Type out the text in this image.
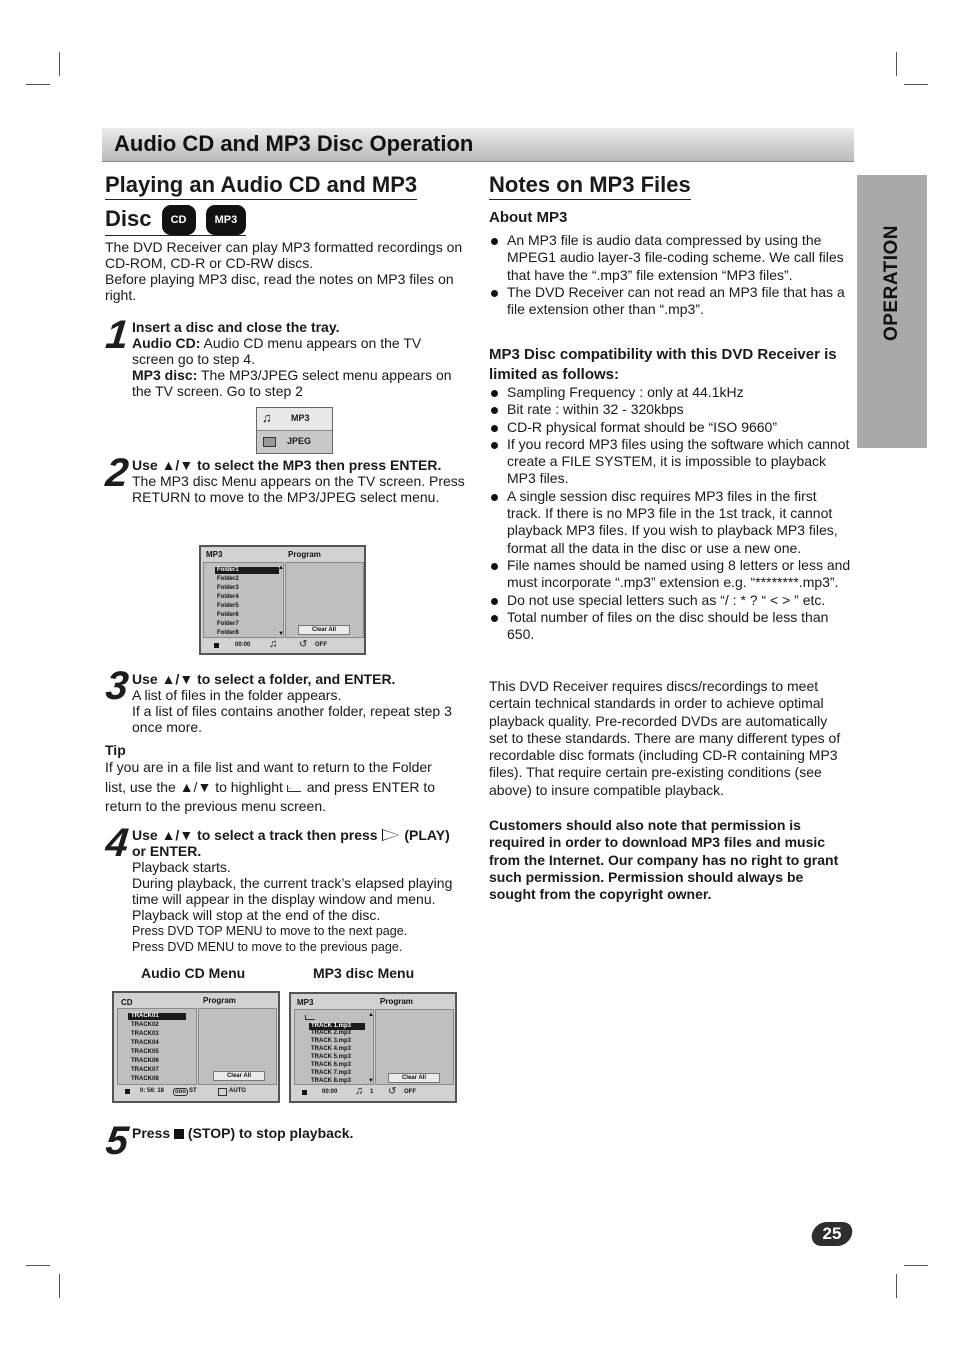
Audio CD and MP3 Disc Operation
OPERATION
Playing an Audio CD and MP3
Disc CD	MP3
The DVD Receiver can play MP3 formatted recordings on CD-ROM, CD-R or CD-RW discs.
Before playing MP3 disc, read the notes on MP3 files on right.
1 Insert a disc and close the tray.
Audio CD: Audio CD menu appears on the TV screen go to step 4.
MP3 disc: The MP3/JPEG select menu appears on the TV screen. Go to step 2
♫ MP3
JPEG
2 Use ▲/▼ to select the MP3 then press ENTER.
The MP3 disc Menu appears on the TV screen. Press RETURN to move to the MP3/JPEG select menu.
MP3	Program
Folder1
Folder2
Folder3
Folder4
Folder5
Folder6
Folder7
Folder8
▲
▼
Clear All
00:00 ♫ ↺ OFF
3 Use ▲/▼ to select a folder, and ENTER.
A list of files in the folder appears.
If a list of files contains another folder, repeat step 3 once more.
Tip
If you are in a file list and want to return to the Folder
list, use the ▲/▼ to highlight .. and press ENTER to
return to the previous menu screen.
4 Use ▲/▼ to select a track then press
(PLAY)
or ENTER.
Playback starts.
During playback, the current track’s elapsed playing time will appear in the display window and menu. Playback will stop at the end of the disc.
Press DVD TOP MENU to move to the next page.
Press DVD MENU to move to the previous page.
Audio CD Menu	MP3 disc Menu
CD	Program
TRACK01
TRACK02
TRACK03
TRACK04
TRACK05
TRACK06
TRACK07
TRACK08	Clear All
0: 56: 18	ooo ST	AUTO
MP3	Program
TRACK 1.mp3
TRACK 2.mp3
TRACK 3.mp3
TRACK 4.mp3
TRACK 5.mp3
TRACK 6.mp3
TRACK 7.mp3
TRACK 8.mp3
▲
▼	Clear All
00:00 ♫ 1 ↺ OFF
5 Press  (STOP) to stop playback.
Notes on MP3 Files
About MP3
An MP3 file is audio data compressed by using the MPEG1 audio layer-3 file-coding scheme. We call files that have the “.mp3” file extension “MP3 files”.
The DVD Receiver can not read an MP3 file that has a file extension other than “.mp3”.
MP3 Disc compatibility with this DVD Receiver is limited as follows:
Sampling Frequency : only at 44.1kHz
Bit rate : within 32 - 320kbps
CD-R physical format should be “ISO 9660”
If you record MP3 files using the software which cannot create a FILE SYSTEM, it is impossible to playback MP3 files.
A single session disc requires MP3 files in the first track. If there is no MP3 file in the 1st track, it cannot playback MP3 files. If you wish to playback MP3 files, format all the data in the disc or use a new one.
File names should be named using 8 letters or less and must incorporate “.mp3” extension e.g. “********.mp3”.
Do not use special letters such as “/ : * ? “ < > ” etc.
Total number of files on the disc should be less than 650.
This DVD Receiver requires discs/recordings to meet certain technical standards in order to achieve optimal playback quality. Pre-recorded DVDs are automatically set to these standards. There are many different types of recordable disc formats (including CD-R containing MP3 files). That require certain pre-existing conditions (see above) to insure compatible playback.
Customers should also note that permission is required in order to download MP3 files and music from the Internet. Our company has no right to grant such permission. Permission should always be sought from the copyright owner.
25
